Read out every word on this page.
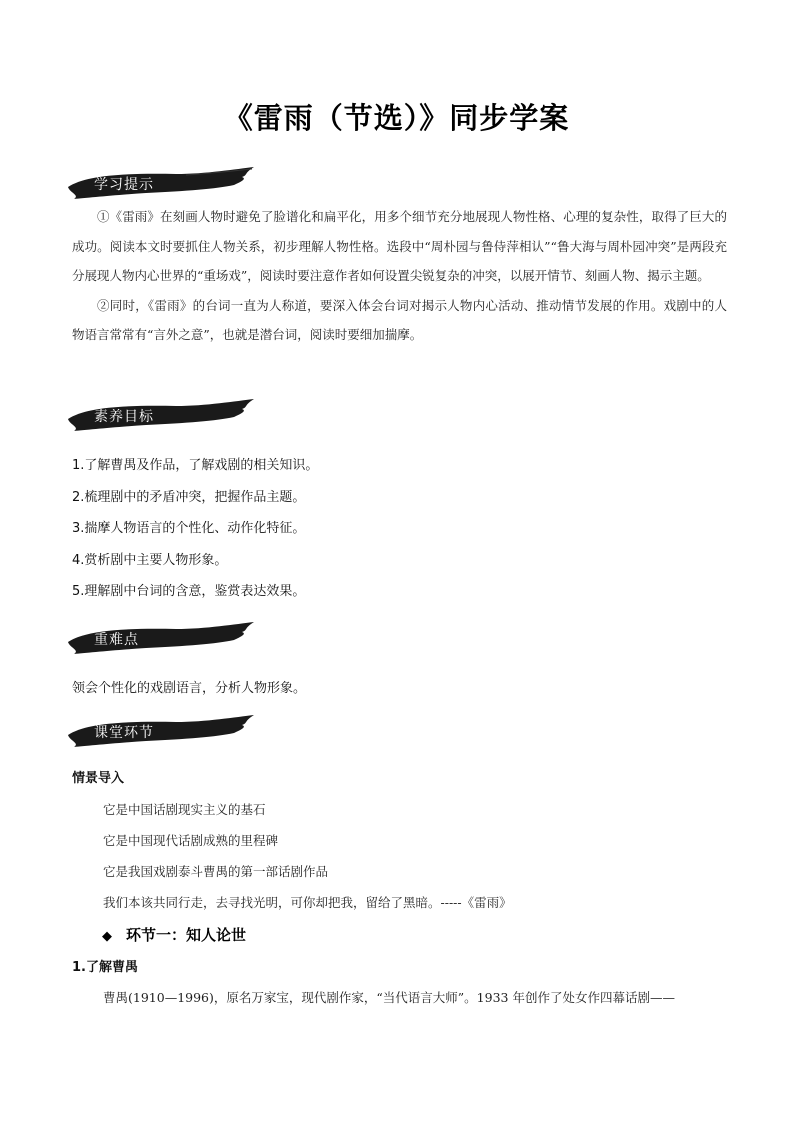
《雷雨（节选）》同步学案
学习提示

①《雷雨》在刻画人物时避免了脸谱化和扁平化，用多个细节充分地展现人物性格、心理的复杂性，取得了巨大的成功。阅读本文时要抓住人物关系，初步理解人物性格。选段中“周朴园与鲁侍萍相认”“鲁大海与周朴园冲突”是两段充分展现人物内心世界的“重场戏”，阅读时要注意作者如何设置尖锐复杂的冲突，以展开情节、刻画人物、揭示主题。

②同时，《雷雨》的台词一直为人称道，要深入体会台词对揭示人物内心活动、推动情节发展的作用。戏剧中的人物语言常常有“言外之意”，也就是潜台词，阅读时要细加揣摩。

素养目标
1.了解曹禺及作品，了解戏剧的相关知识。
2.梳理剧中的矛盾冲突，把握作品主题。
3.揣摩人物语言的个性化、动作化特征。
4.赏析剧中主要人物形象。
5.理解剧中台词的含意，鉴赏表达效果。
重难点
领会个性化的戏剧语言，分析人物形象。
课堂环节
情景导入
它是中国话剧现实主义的基石
它是中国现代话剧成熟的里程碑
它是我国戏剧泰斗曹禺的第一部话剧作品
我们本该共同行走，去寻找光明，可你却把我，留给了黑暗。-----《雷雨》
◆ 环节一：知人论世
1.了解曹禺
曹禺(1910—1996)，原名万家宝，现代剧作家，“当代语言大师”。1933 年创作了处女作四幕话剧——
